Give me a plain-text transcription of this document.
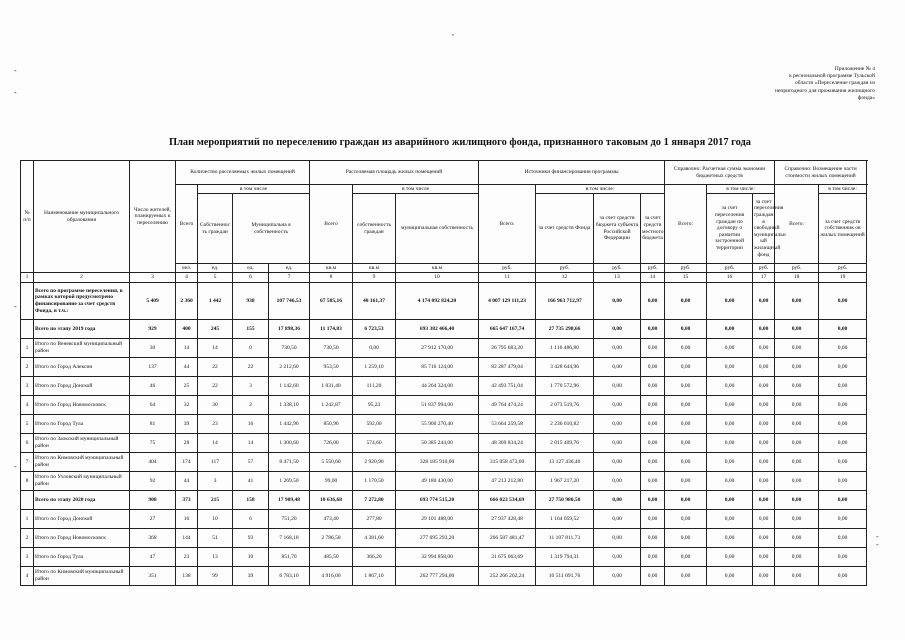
,
Приложение № 4
к региональной программе Тульской
области «Переселение граждан из
непригодного для проживания жилищного
фонда»
-
-
-
-
-
-
План мероприятий по переселению граждан из аварийного жилищного фонда, признанного таковым до 1 января 2017 года
№ п/п	Наименование муниципального образования	Число жителей, планируемых к переселению	Количество расселяемых жилых помещений				Расселяемая площадь жилых помещений			Источники финансирования программы				Справочно: Расчетная сумма экономии бюджетных средств			Справочно: Возмещение части стоимости жилых помещений		
			Всего	в том числе			Всего	в том числе		Всего:	в том числе:			Всего:	в том числе:		Всего:	в том числе:	
				Собственнос ть граждан	Муниципальна я собственность			собственность граждан	муниципальная собственность		за счет средств Фонда	за счет средств бюджета субъекта Российской Федерации	за счет средств местного бюджета		за счет переселения граждан по договору о развитии застроенной территории	за счет переселения граждан в свободный муниципальн ый жилищный фонд		за счет средств собственник ов жилых помещений	
			чел.	ед.	ед.	ед.	кв.м	кв.м	кв.м	руб.	руб.	руб.	руб.	руб.	руб.	руб.	руб.	руб.	
1	2	3	4	5	6	7	8	9	10	11	12	13	14	15	16	17	18	19	
	Всего по программе переселения, в рамках которой предусмотрено финансирование за счет средств Фонда, в т.ч.:	5 409	2 360	1 442	938	107 746,53	67 585,16	40 161,37	4 174 092 824,20	4 007 129 111,23	166 963 712,97	0,00	0,00	0,00	0,00	0,00	0,00	0,00	
	Всего по этапу 2019 года	929	400	245	155	17 898,36	11 174,83	6 723,53	693 382 466,40	665 647 167,74	27 735 298,66	0,00	0,00	0,00	0,00	0,00	0,00	0,00	
1	Итого по Веневский муниципальный район	30	14	14	0	730,50	730,50	0,00	27 912 170,00	26 795 683,20	1 116 486,80	0,00	0,00	0,00	0,00	0,00	0,00	0,00	
2	Итого по Город Алексин	137	44	22	22	2 212,60	953,50	1 259,10	85 716 124,00	82 287 479,04	3 428 644,96	0,00	0,00	0,00	0,00	0,00	0,00	0,00	
3	Итого по Город Донской	46	25	22	3	1 142,60	1 031,40	111,20	44 264 324,00	42 493 751,04	1 770 572,96	0,00	0,00	0,00	0,00	0,00	0,00	0,00	
4	Итого по Город Новомосковск	64	32	30	2	1 338,10	1 242,87	95,23	51 837 994,00	49 764 474,24	2 073 519,76	0,00	0,00	0,00	0,00	0,00	0,00	0,00	
5	Итого по Город Тула	81	39	23	16	1 442,96	850,96	592,00	55 900 270,40	53 664 259,58	2 236 010,82	0,00	0,00	0,00	0,00	0,00	0,00	0,00	
6	Итого по Заокский муниципальный район	75	28	14	14	1 300,60	726,00	574,60	50 385 244,00	48 369 834,24	2 015 409,76	0,00	0,00	0,00	0,00	0,00	0,00	0,00	
7	Итого по Кимовский муниципальный район	404	174	117	57	8 471,50	5 550,60	2 920,90	328 185 910,00	315 058 473,60	13 127 436,40	0,00	0,00	0,00	0,00	0,00	0,00	0,00	
8	Итого по Узловский муниципальный район	92	44	3	41	1 269,50	99,00	1 170,50	49 180 430,00	47 213 212,80	1 967 217,20	0,00	0,00	0,00	0,00	0,00	0,00	0,00	
	Всего по этапу 2020 года	908	373	215	158	17 909,48	10 636,68	7 272,80	693 774 515,20	666 023 534,69	27 750 980,50	0,00	0,00	0,00	0,00	0,00	0,00	0,00	
1	Итого по Город Донской	27	16	10	6	751,20	473,40	277,80	29 101 488,00	27 937 428,48	1 164 059,52	0,00	0,00	0,00	0,00	0,00	0,00	0,00	
2	Итого по Город Новомосковск	368	144	51	93	7 168,18	2 786,58	4 381,60	277 695 293,20	266 587 481,47	11 107 811,73	0,00	0,00	0,00	0,00	0,00	0,00	0,00	
3	Итого по Город Тула	47	23	13	10	851,70	485,50	366,20	32 994 858,00	31 675 063,69	1 319 794,31	0,00	0,00	0,00	0,00	0,00	0,00	0,00	
4	Итого по Кимовский муниципальный район	351	138	99	39	6 783,10	4 916,00	1 867,10	262 777 294,00	252 266 202,24	10 511 091,76	0,00	0,00	0,00	0,00	0,00	0,00	0,00	
